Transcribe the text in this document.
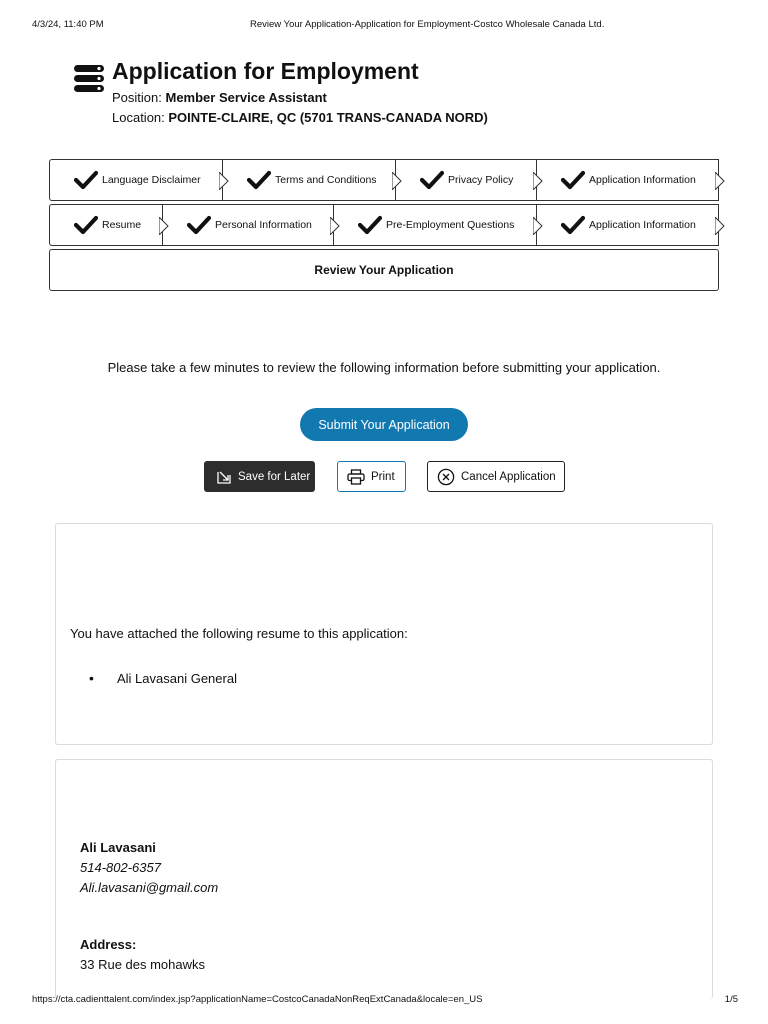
4/3/24, 11:40 PM	Review Your Application-Application for Employment-Costco Wholesale Canada Ltd.
Application for Employment
Position: Member Service Assistant
Location: POINTE-CLAIRE, QC (5701 TRANS-CANADA NORD)
Language Disclaimer	Terms and Conditions	Privacy Policy	Application Information
Resume	Personal Information	Pre-Employment Questions	Application Information
Review Your Application
Please take a few minutes to review the following information before submitting your application.
Submit Your Application
Save for Later	Print	Cancel Application
You have attached the following resume to this application:
• Ali Lavasani General
Ali Lavasani
514-802-6357
Ali.lavasani@gmail.com
Address:
33 Rue des mohawks
https://cta.cadienttalent.com/index.jsp?applicationName=CostcoCanadaNonReqExtCanada&locale=en_US	1/5
